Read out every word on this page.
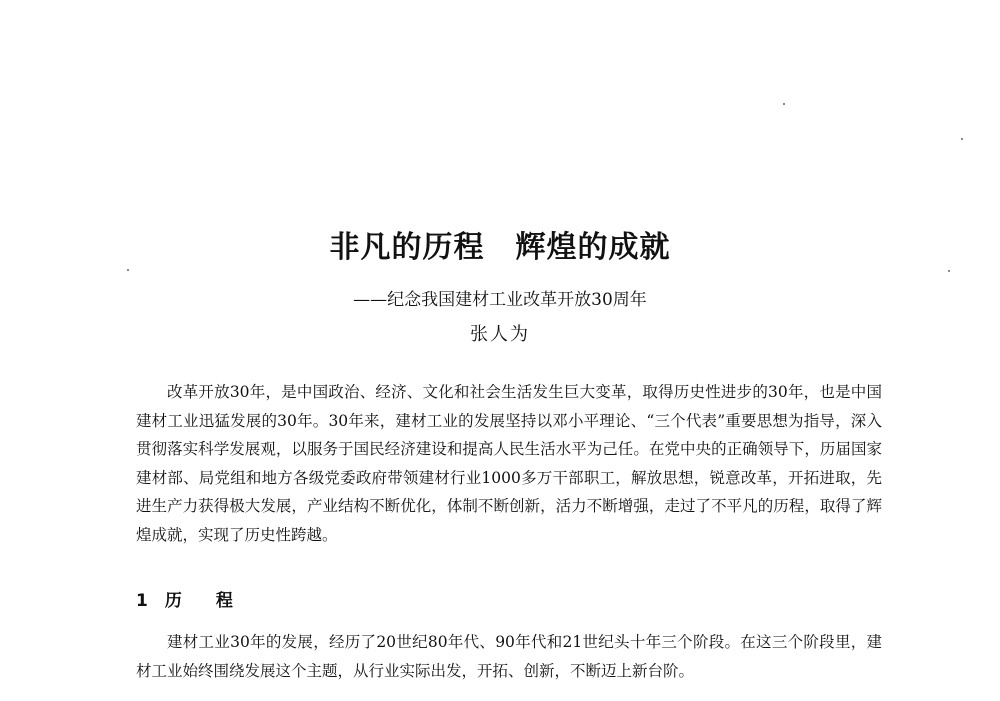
非凡的历程　辉煌的成就
——纪念我国建材工业改革开放30周年
张人为

改革开放30年，是中国政治、经济、文化和社会生活发生巨大变革，取得历史性进步的30年，也是中国建材工业迅猛发展的30年。30年来，建材工业的发展坚持以邓小平理论、“三个代表”重要思想为指导，深入贯彻落实科学发展观，以服务于国民经济建设和提高人民生活水平为己任。在党中央的正确领导下，历届国家建材部、局党组和地方各级党委政府带领建材行业1000多万干部职工，解放思想，锐意改革，开拓进取，先进生产力获得极大发展，产业结构不断优化，体制不断创新，活力不断增强，走过了不平凡的历程，取得了辉煌成就，实现了历史性跨越。

1　历　　程

建材工业30年的发展，经历了20世纪80年代、90年代和21世纪头十年三个阶段。在这三个阶段里，建材工业始终围绕发展这个主题，从行业实际出发，开拓、创新，不断迈上新台阶。
